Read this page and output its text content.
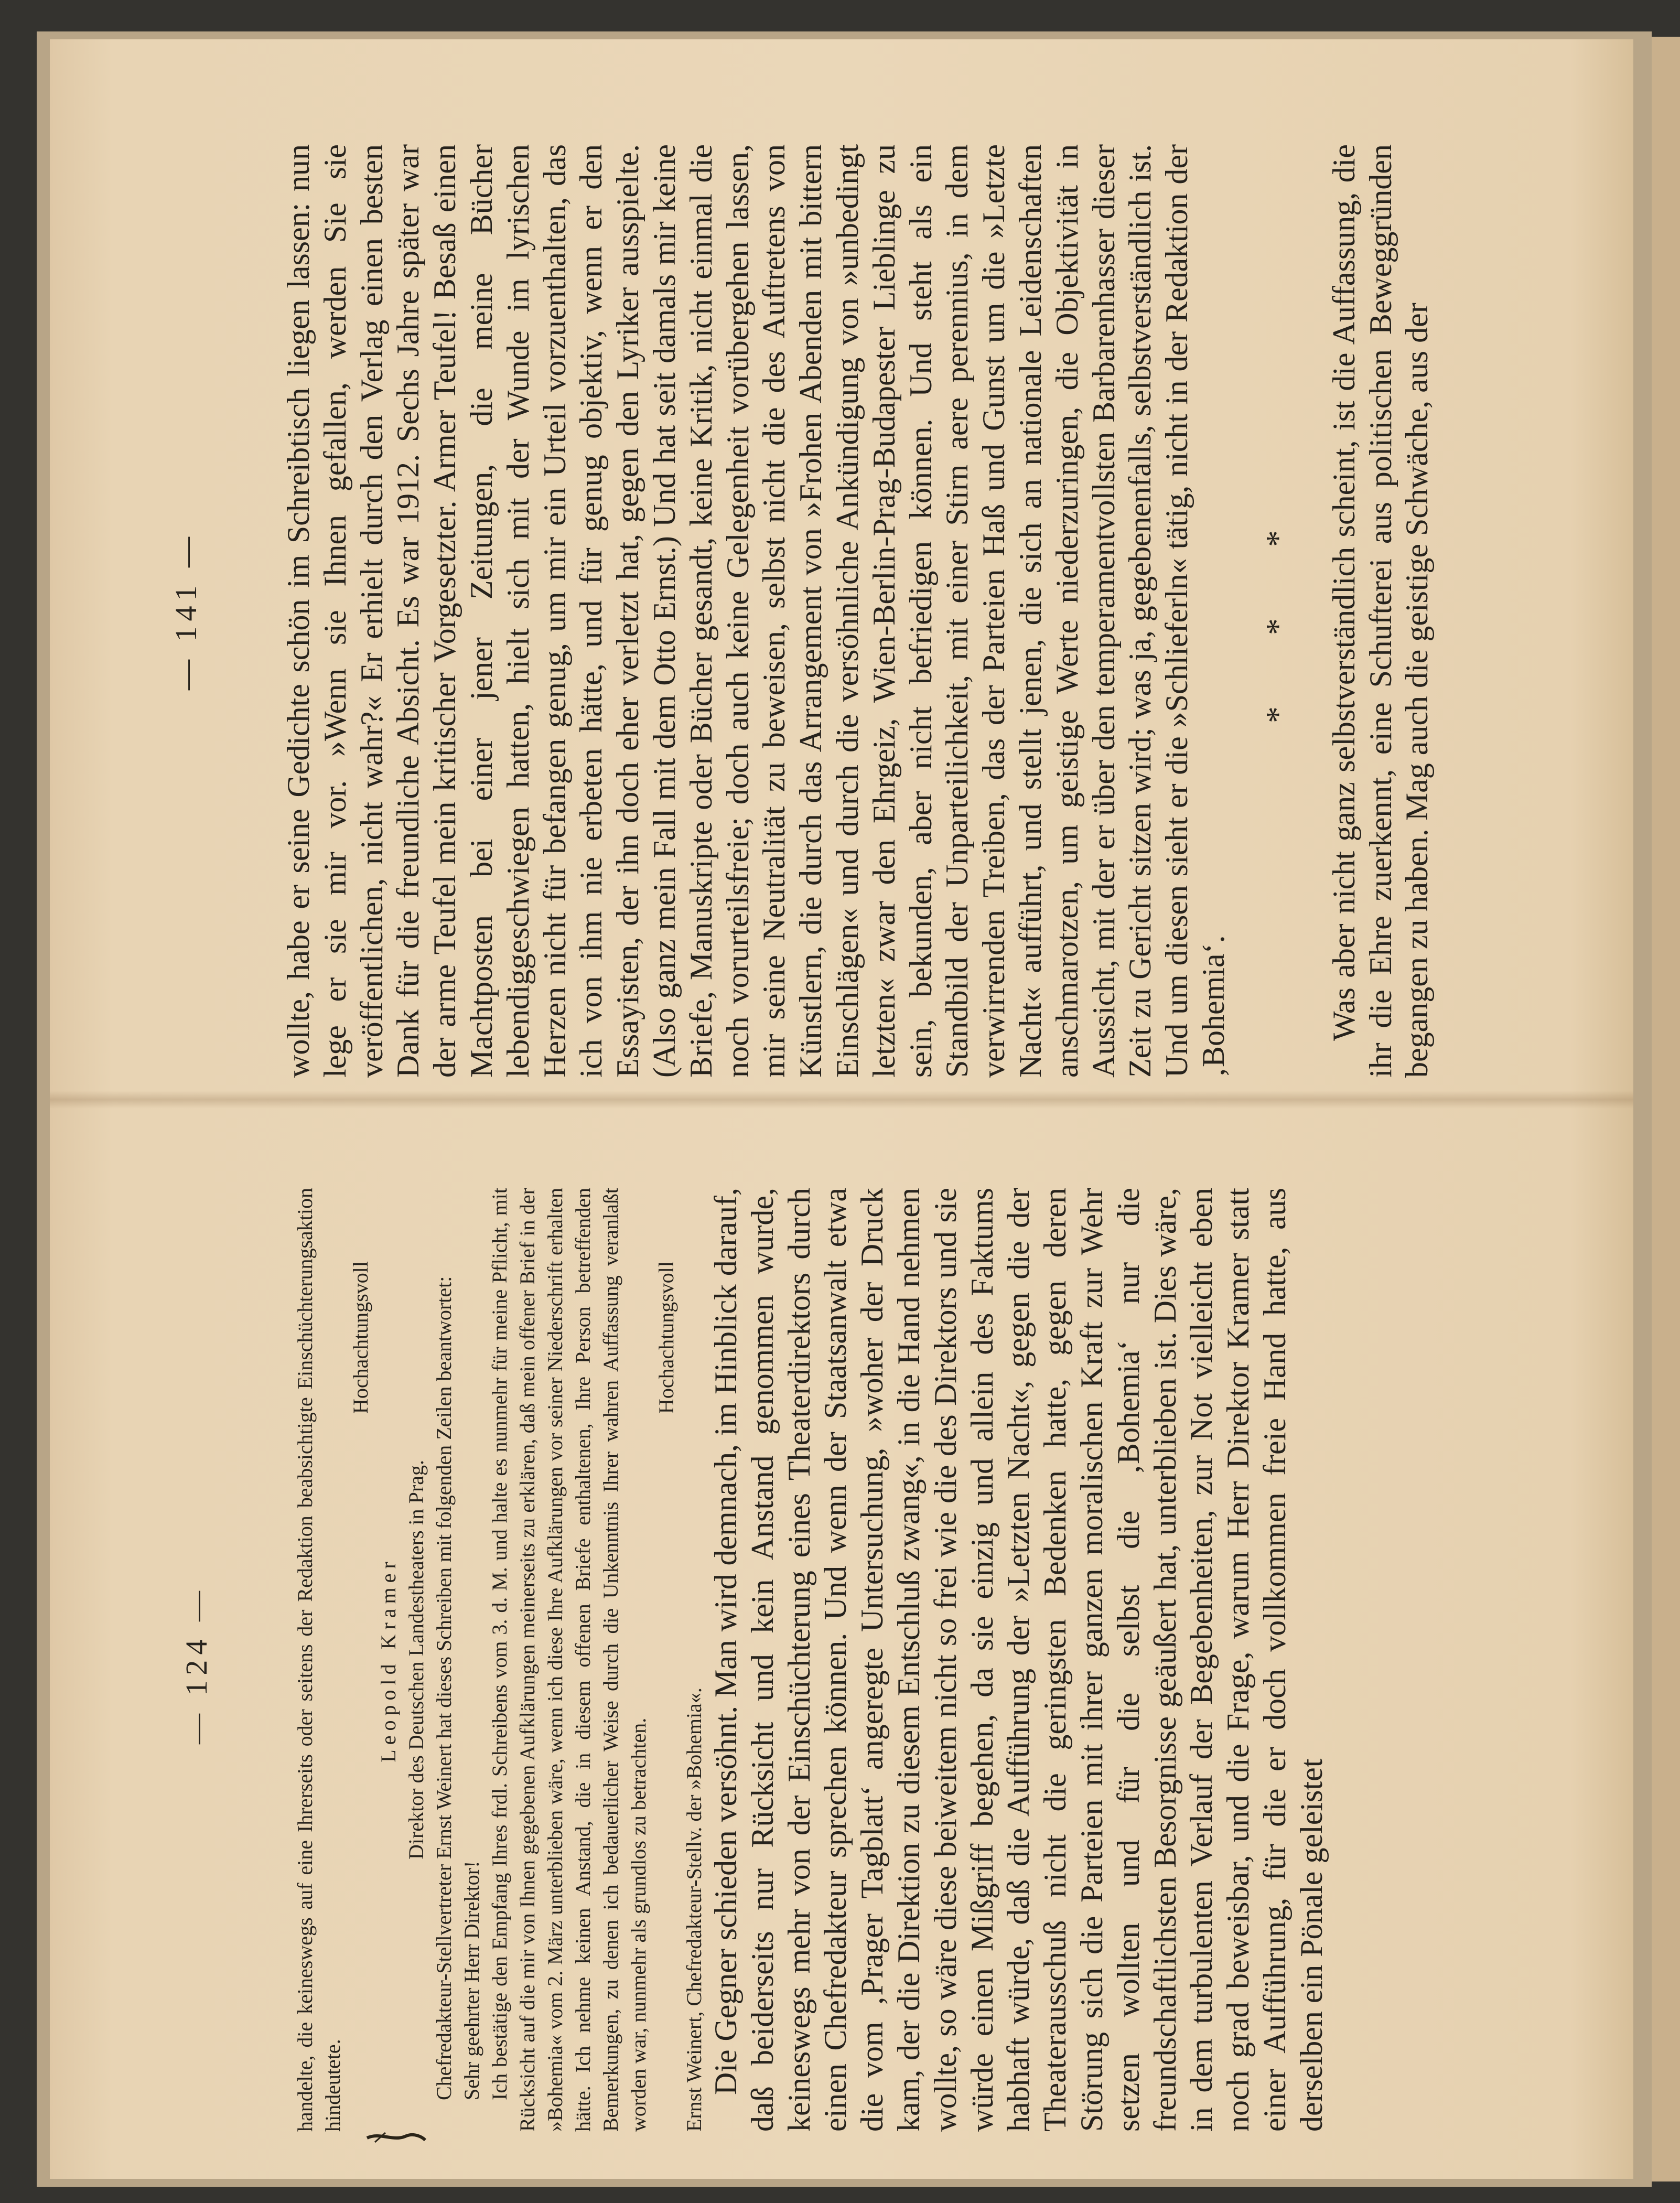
— 141 — wollte, habe er seine Gedichte schön im Schreibtisch liegen lassen: nun lege er sie mir vor. »Wenn sie Ihnen gefallen, werden Sie sie veröffentlichen, nicht wahr?« Er erhielt durch den Verlag einen besten Dank für die freundliche Absicht. Es war 1912. Sechs Jahre später war der arme Teufel mein kritischer Vorgesetzter. Armer Teufel! Besaß einen Machtposten bei einer jener Zeitungen, die meine Bücher lebendiggeschwiegen hatten, hielt sich mit der Wunde im lyrischen Herzen nicht für befangen genug, um mir ein Urteil vorzuenthalten, das ich von ihm nie erbeten hätte, und für genug objektiv, wenn er den Essayisten, der ihn doch eher verletzt hat, gegen den Lyriker ausspielte. (Also ganz mein Fall mit dem Otto Ernst.) Und hat seit damals mir keine Briefe, Manuskripte oder Bücher gesandt, keine Kritik, nicht einmal die noch vorurteilsfreie; doch auch keine Gelegenheit vorübergehen lassen, mir seine Neutralität zu beweisen, selbst nicht die des Auftretens von Künstlern, die durch das Arrangement von »Frohen Abenden mit bittern Einschlägen« und durch die versöhnliche Ankündigung von »unbedingt letzten« zwar den Ehrgeiz, Wien-Berlin-Prag-Budapester Lieblinge zu sein, bekunden, aber nicht befriedigen können. Und steht als ein Standbild der Unparteilichkeit, mit einer Stirn aere perennius, in dem verwirrenden Treiben, das der Parteien Haß und Gunst um die »Letzte Nacht« aufführt, und stellt jenen, die sich an nationale Leidenschaften anschmarotzen, um geistige Werte niederzuringen, die Objektivität in Aussicht, mit der er über den temperamentvollsten Barbarenhasser dieser Zeit zu Gericht sitzen wird; was ja, gegebenenfalls, selbstverständlich ist. Und um diesen sieht er die »Schlieferln« tätig, nicht in der Redaktion der ‚Bohemia‘.

* * * Was aber nicht ganz selbstverständlich scheint, ist die Auffassung, die ihr die Ehre zuerkennt, eine Schufterei aus politischen Beweggründen begangen zu haben. Mag auch die geistige Schwäche, aus der

— 124 —	handelte, die keineswegs auf eine Ihrerseits oder seitens der Redaktion beabsichtigte Einschüchterungsaktion hindeutete.

Hochachtungsvoll

Leopold Kramer Direktor des Deutschen Landestheaters in Prag. Chefredakteur-Stellvertreter Ernst Weinert hat dieses Schreiben mit folgenden Zeilen beantwortet: Sehr geehrter Herr Direktor! Ich bestätige den Empfang Ihres frdl. Schreibens vom 3. d. M. und halte es nunmehr für meine Pflicht, mit Rücksicht auf die mir von Ihnen gegebenen Aufklärungen meinerseits zu erklären, daß mein offener Brief in der »Bohemia« vom 2. März unterblieben wäre, wenn ich diese Ihre Aufklärungen vor seiner Niederschrift erhalten hätte. Ich nehme keinen Anstand, die in diesem offenen Briefe enthaltenen, Ihre Person betreffenden Bemerkungen, zu denen ich bedauerlicher Weise durch die Unkenntnis Ihrer wahren Auffassung veranlaßt worden war, nunmehr als grundlos zu betrachten.

Hochachtungsvoll

Ernst Weinert, Chefredakteur-Stellv. der »Bohemia«. Die Gegner schieden versöhnt. Man wird demnach, im Hinblick darauf, daß beiderseits nur Rücksicht und kein Anstand genommen wurde, keineswegs mehr von der Einschüchterung eines Theaterdirektors durch einen Chefredakteur sprechen können. Und wenn der Staatsanwalt etwa die vom ‚Prager Tagblatt‘ angeregte Untersuchung, »woher der Druck kam, der die Direktion zu diesem Entschluß zwang«, in die Hand nehmen wollte, so wäre diese beiweitem nicht so frei wie die des Direktors und sie würde einen Mißgriff begehen, da sie einzig und allein des Faktums habhaft würde, daß die Aufführung der »Letzten Nacht«, gegen die der Theaterausschuß nicht die geringsten Bedenken hatte, gegen deren Störung sich die Parteien mit ihrer ganzen moralischen Kraft zur Wehr setzen wollten und für die selbst die ‚Bohemia‘ nur die freundschaftlichsten Besorgnisse geäußert hat, unterblieben ist. Dies wäre, in dem turbulenten Verlauf der Begebenheiten, zur Not vielleicht eben noch grad beweisbar, und die Frage, warum Herr Direktor Kramer statt einer Aufführung, für die er doch vollkommen freie Hand hatte, aus derselben ein Pönale geleistet
